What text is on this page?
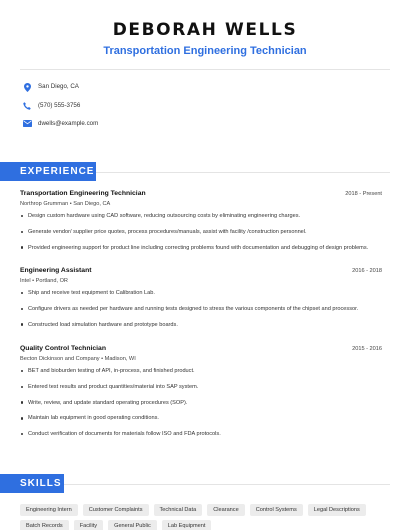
DEBORAH WELLS
Transportation Engineering Technician
San Diego, CA
(570) 555-3756
dwells@example.com
EXPERIENCE
Transportation Engineering Technician	2018 - Present
Northrop Grumman • San Diego, CA
Design custom hardware using CAD software, reducing outsourcing costs by eliminating engineering charges.
Generate vendor/ supplier price quotes, process procedures/manuals, assist with facility /construction personnel.
Provided engineering support for product line including correcting problems found with documentation and debugging of design problems.
Engineering Assistant	2016 - 2018
Intel • Portland, OR
Ship and receive test equipment to Calibration Lab.
Configure drivers as needed per hardware and running tests designed to stress the various components of the chipset and processor.
Constructed load simulation hardware and prototype boards.
Quality Control Technician	2015 - 2016
Becton Dickinson and Company • Madison, WI
BET and bioburden testing of API, in-process, and finished product.
Entered test results and product quantities/material into SAP system.
Write, review, and update standard operating procedures (SOP).
Maintain lab equipment in good operating conditions.
Conduct verification of documents for materials follow ISO and FDA protocols.
SKILLS
Engineering Intern	Customer Complaints	Technical Data	Clearance	Control Systems	Legal Descriptions
Batch Records	Facility	General Public	Lab Equipment
